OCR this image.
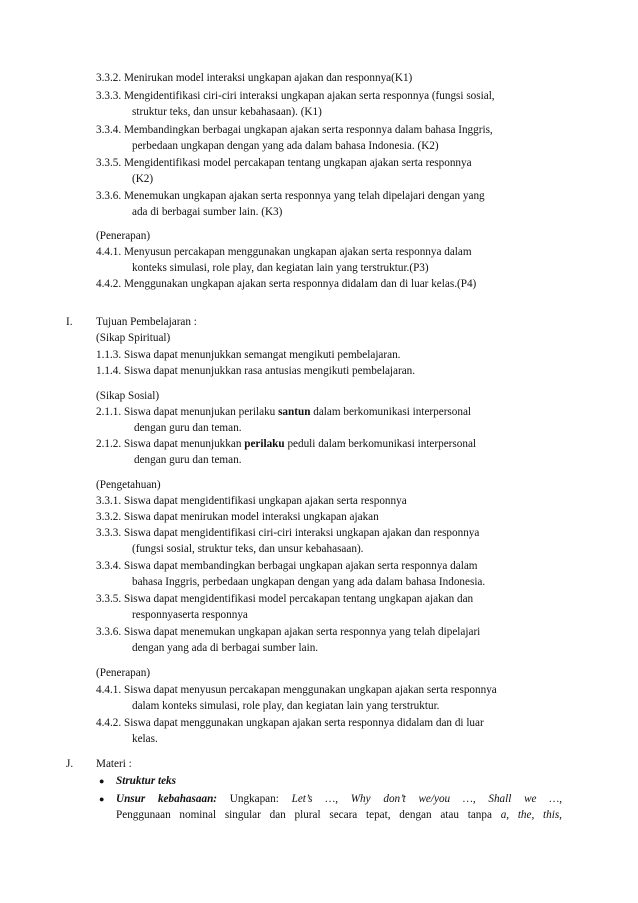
3.3.2. Menirukan model interaksi ungkapan ajakan dan responnya(K1)
3.3.3. Mengidentifikasi ciri-ciri interaksi ungkapan ajakan serta responnya (fungsi sosial,
struktur teks, dan unsur kebahasaan). (K1)
3.3.4. Membandingkan berbagai ungkapan ajakan serta responnya dalam bahasa Inggris,
perbedaan ungkapan dengan yang ada dalam bahasa Indonesia. (K2)
3.3.5. Mengidentifikasi model percakapan tentang ungkapan ajakan serta responnya
(K2)
3.3.6. Menemukan ungkapan ajakan serta responnya yang telah dipelajari dengan yang
ada di berbagai sumber lain. (K3)
(Penerapan)
4.4.1. Menyusun percakapan menggunakan ungkapan ajakan serta responnya dalam
konteks simulasi, role play, dan kegiatan lain yang terstruktur.(P3)
4.4.2. Menggunakan ungkapan ajakan serta responnya didalam dan di luar kelas.(P4)
I. Tujuan Pembelajaran :
(Sikap Spiritual)
1.1.3. Siswa dapat menunjukkan semangat mengikuti pembelajaran.
1.1.4. Siswa dapat menunjukkan rasa antusias mengikuti pembelajaran.
(Sikap Sosial)
2.1.1. Siswa dapat menunjukan perilaku santun dalam berkomunikasi interpersonal
dengan guru dan teman.
2.1.2. Siswa dapat menunjukkan perilaku peduli dalam berkomunikasi interpersonal
dengan guru dan teman.
(Pengetahuan)
3.3.1. Siswa dapat mengidentifikasi ungkapan ajakan serta responnya
3.3.2. Siswa dapat menirukan model interaksi ungkapan ajakan
3.3.3. Siswa dapat mengidentifikasi ciri-ciri interaksi ungkapan ajakan dan responnya
(fungsi sosial, struktur teks, dan unsur kebahasaan).
3.3.4. Siswa dapat membandingkan berbagai ungkapan ajakan serta responnya dalam
bahasa Inggris, perbedaan ungkapan dengan yang ada dalam bahasa Indonesia.
3.3.5. Siswa dapat mengidentifikasi model percakapan tentang ungkapan ajakan dan
responnyaserta responnya
3.3.6. Siswa dapat menemukan ungkapan ajakan serta responnya yang telah dipelajari
dengan yang ada di berbagai sumber lain.
(Penerapan)
4.4.1. Siswa dapat menyusun percakapan menggunakan ungkapan ajakan serta responnya
dalam konteks simulasi, role play, dan kegiatan lain yang terstruktur.
4.4.2. Siswa dapat menggunakan ungkapan ajakan serta responnya didalam dan di luar
kelas.
J. Materi :
● Struktur teks
● Unsur kebahasaan: Ungkapan: Let’s …, Why don’t we/you …, Shall we …,
Penggunaan nominal singular dan plural secara tepat, dengan atau tanpa a, the, this,
